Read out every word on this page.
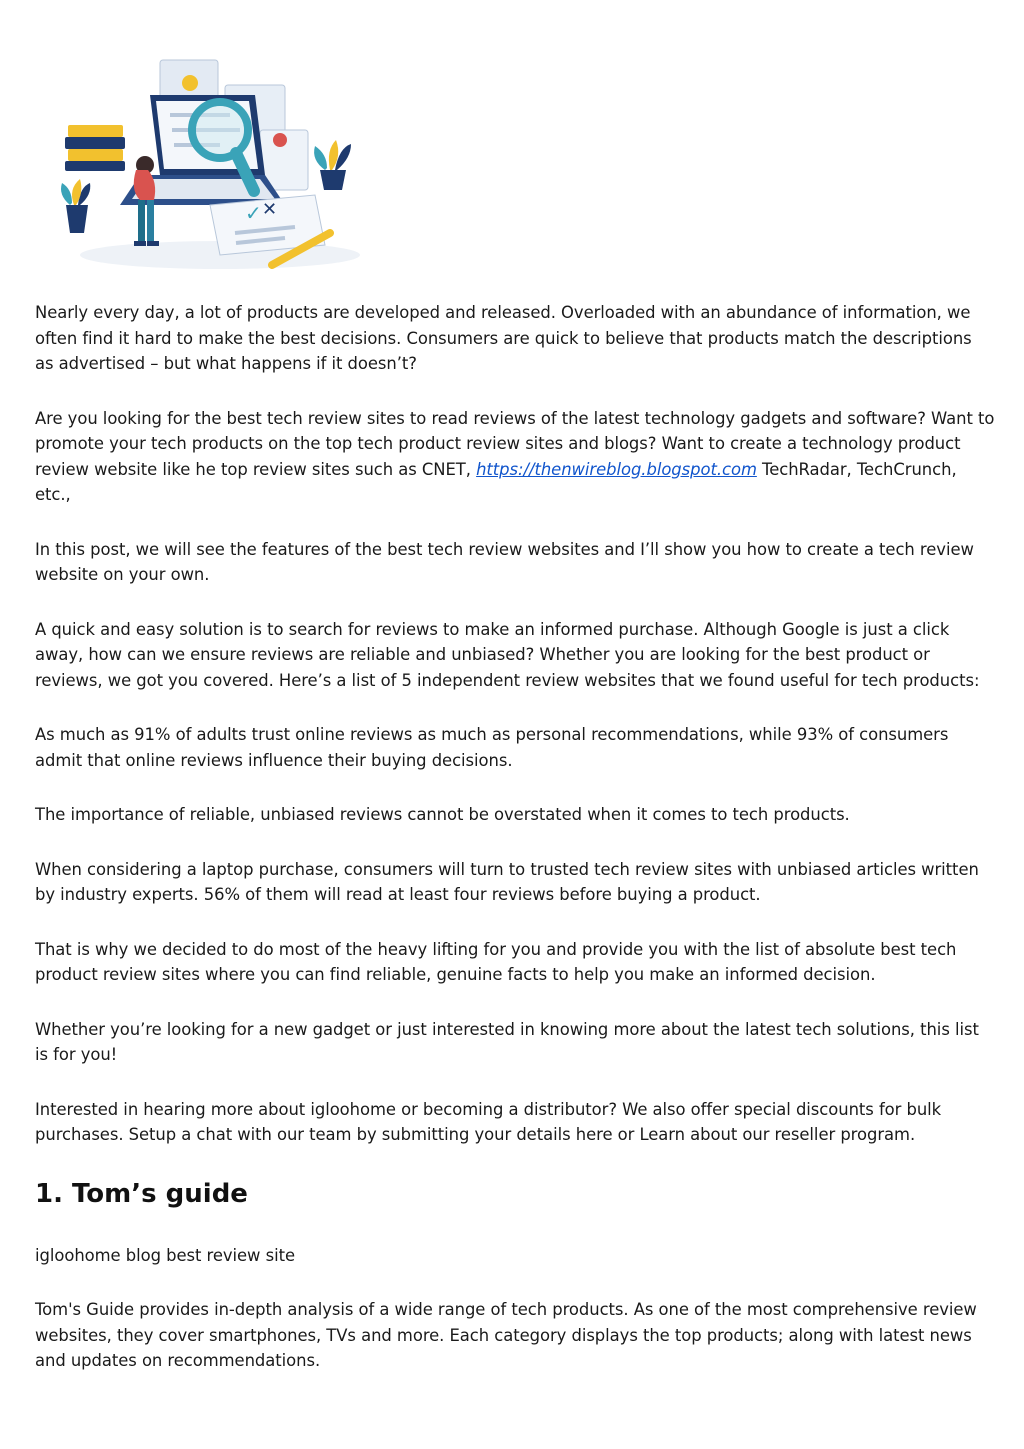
✓ ✕

Nearly every day, a lot of products are developed and released. Overloaded with an abundance of information, we often find it hard to make the best decisions. Consumers are quick to believe that products match the descriptions as advertised – but what happens if it doesn’t?

Are you looking for the best tech review sites to read reviews of the latest technology gadgets and software? Want to promote your tech products on the top tech product review sites and blogs? Want to create a technology product review website like he top review sites such as CNET, https://thenwireblog.blogspot.com TechRadar, TechCrunch, etc.,

In this post, we will see the features of the best tech review websites and I’ll show you how to create a tech review website on your own.

A quick and easy solution is to search for reviews to make an informed purchase. Although Google is just a click away, how can we ensure reviews are reliable and unbiased? Whether you are looking for the best product or reviews, we got you covered. Here’s a list of 5 independent review websites that we found useful for tech products:

As much as 91% of adults trust online reviews as much as personal recommendations, while 93% of consumers admit that online reviews influence their buying decisions.

The importance of reliable, unbiased reviews cannot be overstated when it comes to tech products.

When considering a laptop purchase, consumers will turn to trusted tech review sites with unbiased articles written by industry experts. 56% of them will read at least four reviews before buying a product.

That is why we decided to do most of the heavy lifting for you and provide you with the list of absolute best tech product review sites where you can find reliable, genuine facts to help you make an informed decision.

Whether you’re looking for a new gadget or just interested in knowing more about the latest tech solutions, this list is for you!

Interested in hearing more about igloohome or becoming a distributor? We also offer special discounts for bulk purchases. Setup a chat with our team by submitting your details here or Learn about our reseller program.

1. Tom’s guide

igloohome blog best review site

Tom's Guide provides in-depth analysis of a wide range of tech products. As one of the most comprehensive review websites, they cover smartphones, TVs and more. Each category displays the top products; along with latest news and updates on recommendations.
